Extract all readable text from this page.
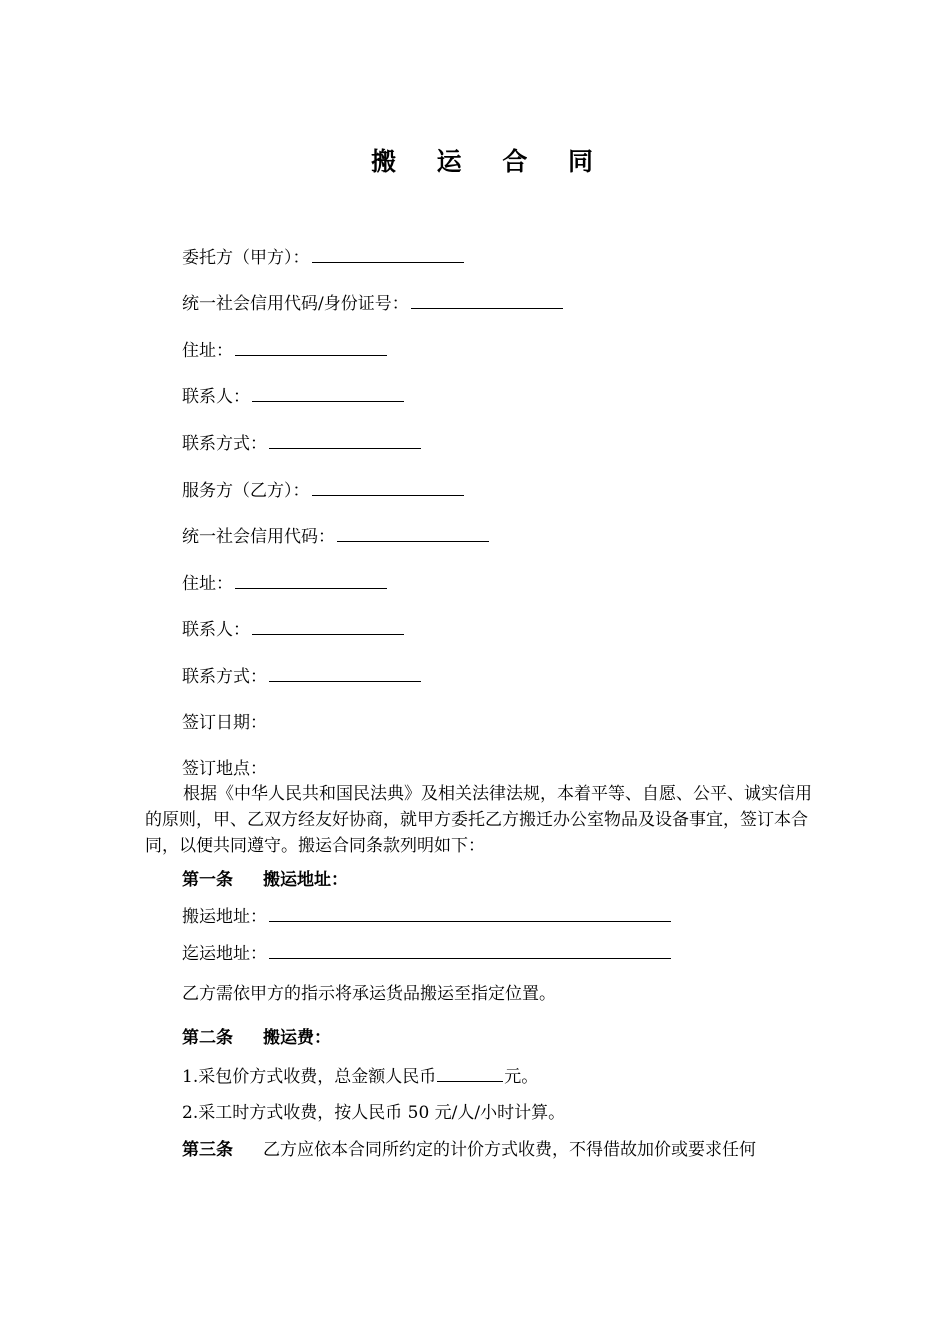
搬 运 合 同
委托方（甲方）：
统一社会信用代码/身份证号：
住址：
联系人：
联系方式：
服务方（乙方）：
统一社会信用代码：
住址：
联系人：
联系方式：
签订日期：
签订地点：
根据《中华人民共和国民法典》及相关法律法规，本着平等、自愿、公平、诚实信用的原则，甲、乙双方经友好协商，就甲方委托乙方搬迁办公室物品及设备事宜，签订本合同，以便共同遵守。搬运合同条款列明如下：
第一条 搬运地址：
搬运地址：
迄运地址：
乙方需依甲方的指示将承运货品搬运至指定位置。
第二条 搬运费：
1.采包价方式收费，总金额人民币	元。
2.采工时方式收费，按人民币 50 元/人/小时计算。
第三条 乙方应依本合同所约定的计价方式收费，不得借故加价或要求任何
